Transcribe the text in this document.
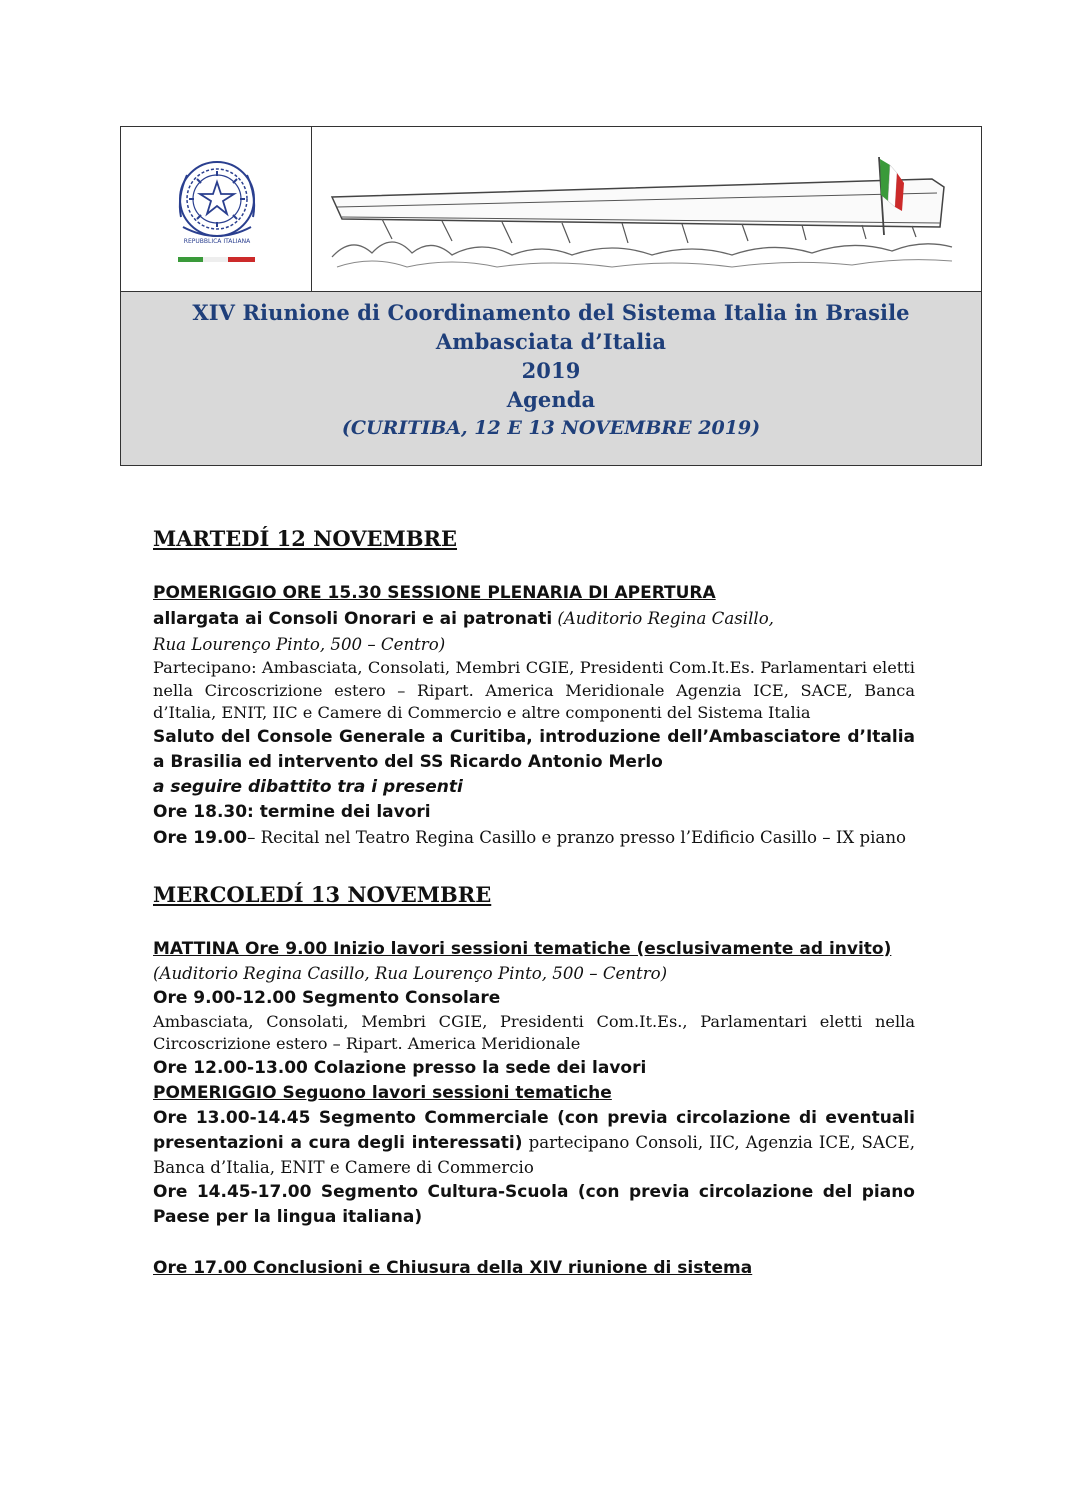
REPUBBLICA ITALIANA
XIV Riunione di Coordinamento del Sistema Italia in Brasile
Ambasciata d’Italia
2019
Agenda
(CURITIBA, 12 E 13 NOVEMBRE 2019)
MARTEDÍ 12 NOVEMBRE
POMERIGGIO ORE 15.30 SESSIONE PLENARIA DI APERTURA
allargata ai Consoli Onorari e ai patronati (Auditorio Regina Casillo,
Rua Lourenço Pinto, 500 – Centro)
Partecipano: Ambasciata, Consolati, Membri CGIE, Presidenti Com.It.Es. Parlamentari eletti nella Circoscrizione estero – Ripart. America Meridionale Agenzia ICE, SACE, Banca d’Italia, ENIT, IIC e Camere di Commercio e altre componenti del Sistema Italia
Saluto del Console Generale a Curitiba, introduzione dell’Ambasciatore d’Italia a Brasilia ed intervento del SS Ricardo Antonio Merlo
a seguire dibattito tra i presenti
Ore 18.30: termine dei lavori
Ore 19.00– Recital nel Teatro Regina Casillo e pranzo presso l’Edificio Casillo – IX piano
MERCOLEDÍ 13 NOVEMBRE
MATTINA Ore 9.00 Inizio lavori sessioni tematiche (esclusivamente ad invito)
(Auditorio Regina Casillo, Rua Lourenço Pinto, 500 – Centro)
Ore 9.00-12.00 Segmento Consolare
Ambasciata, Consolati, Membri CGIE, Presidenti Com.It.Es., Parlamentari eletti nella Circoscrizione estero – Ripart. America Meridionale
Ore 12.00-13.00 Colazione presso la sede dei lavori
POMERIGGIO Seguono lavori sessioni tematiche
Ore 13.00-14.45 Segmento Commerciale (con previa circolazione di eventuali presentazioni a cura degli interessati) partecipano Consoli, IIC, Agenzia ICE, SACE, Banca d’Italia, ENIT e Camere di Commercio
Ore 14.45-17.00 Segmento Cultura-Scuola (con previa circolazione del piano Paese per la lingua italiana)
Ore 17.00 Conclusioni e Chiusura della XIV riunione di sistema
